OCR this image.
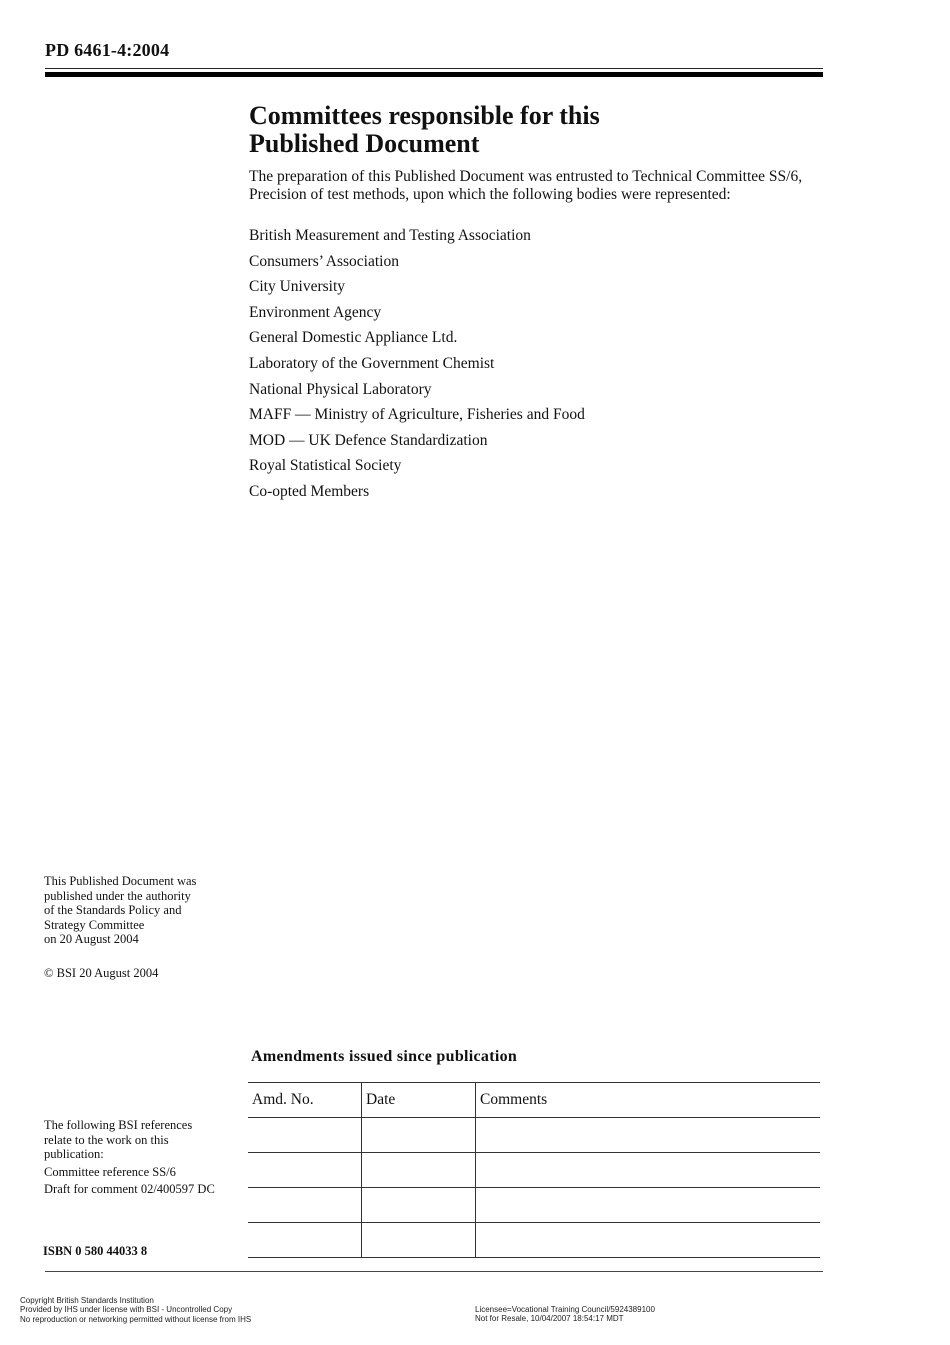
PD 6461-4:2004
Committees responsible for this
Published Document
The preparation of this Published Document was entrusted to Technical Committee SS/6, Precision of test methods, upon which the following bodies were represented:
British Measurement and Testing Association
Consumers’ Association
City University
Environment Agency
General Domestic Appliance Ltd.
Laboratory of the Government Chemist
National Physical Laboratory
MAFF — Ministry of Agriculture, Fisheries and Food
MOD — UK Defence Standardization
Royal Statistical Society
Co-opted Members
This Published Document was
published under the authority
of the Standards Policy and
Strategy Committee
on 20 August 2004
© BSI 20 August 2004
Amendments issued since publication
Amd. No.	Date	Comments

The following BSI references
relate to the work on this
publication:
Committee reference SS/6
Draft for comment 02/400597 DC
ISBN 0 580 44033 8
Copyright British Standards Institution
Provided by IHS under license with BSI - Uncontrolled Copy
No reproduction or networking permitted without license from IHS
Licensee=Vocational Training Council/5924389100
Not for Resale, 10/04/2007 18:54:17 MDT
